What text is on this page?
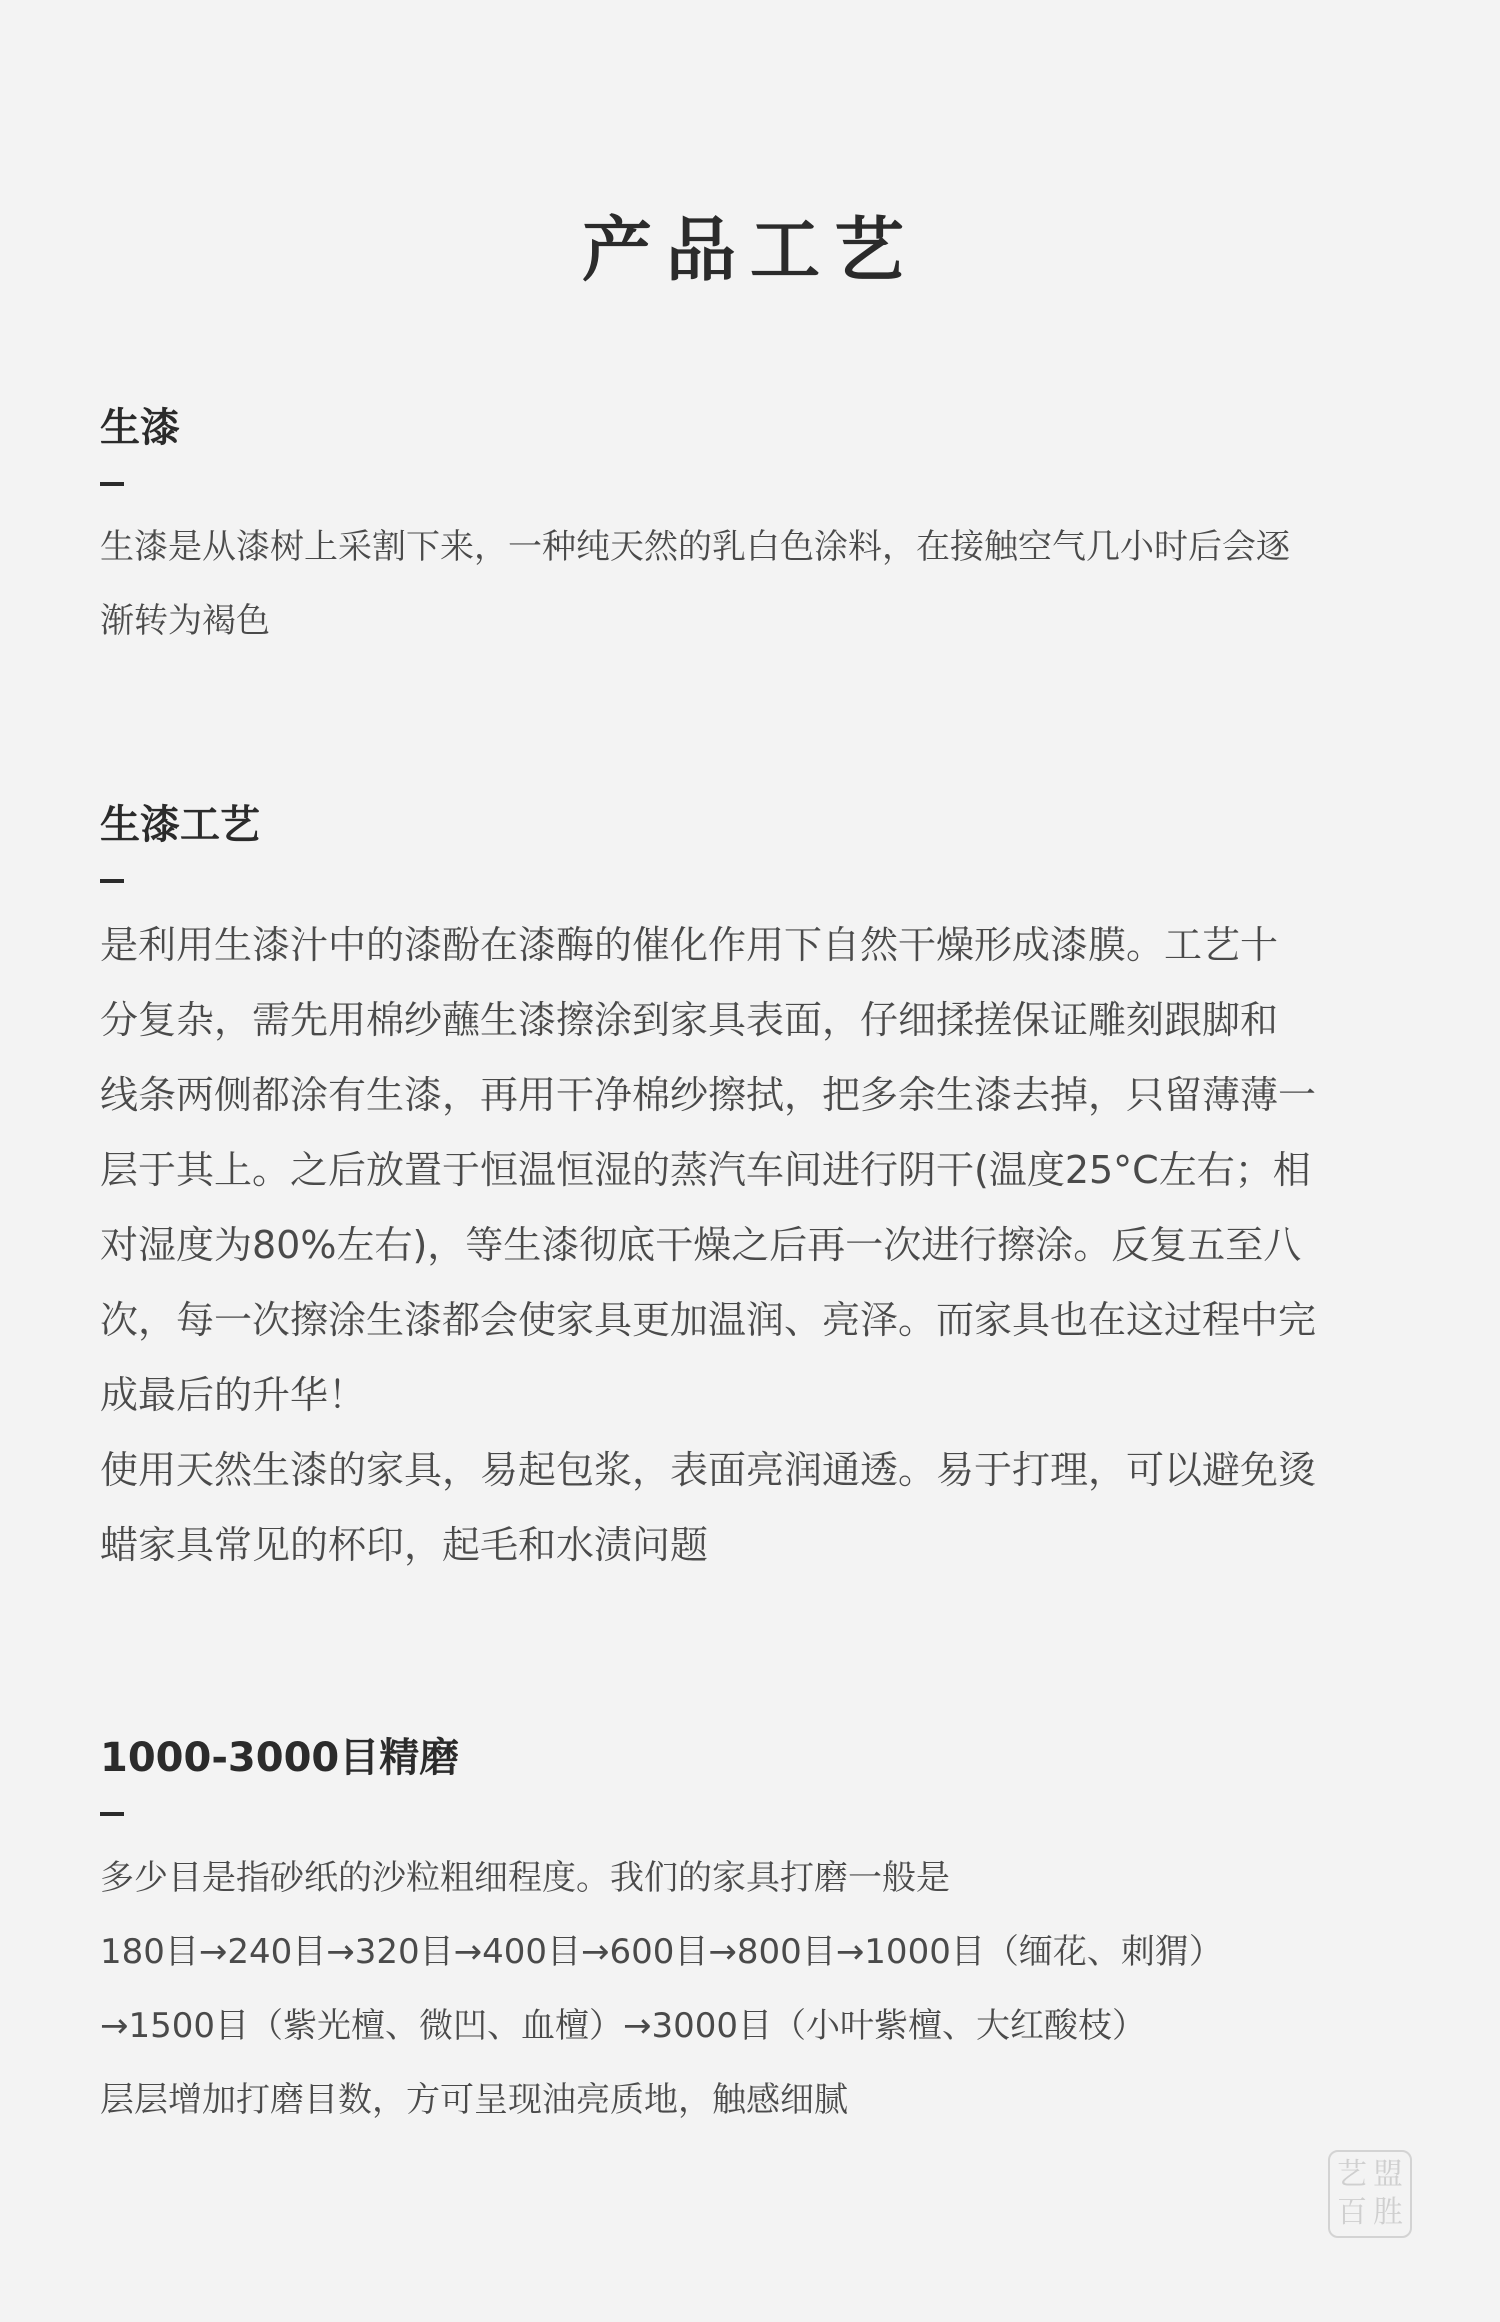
产品工艺
生漆

生漆是从漆树上采割下来，一种纯天然的乳白色涂料，在接触空气几小时后会逐
渐转为褐色

生漆工艺

是利用生漆汁中的漆酚在漆酶的催化作用下自然干燥形成漆膜。工艺十
分复杂，需先用棉纱蘸生漆擦涂到家具表面，仔细揉搓保证雕刻跟脚和
线条两侧都涂有生漆，再用干净棉纱擦拭，把多余生漆去掉，只留薄薄一
层于其上。之后放置于恒温恒湿的蒸汽车间进行阴干(温度25°C左右；相
对湿度为80%左右)，等生漆彻底干燥之后再一次进行擦涂。反复五至八
次，每一次擦涂生漆都会使家具更加温润、亮泽。而家具也在这过程中完
成最后的升华！
使用天然生漆的家具，易起包浆，表面亮润通透。易于打理，可以避免烫
蜡家具常见的杯印，起毛和水渍问题

1000-3000目精磨

多少目是指砂纸的沙粒粗细程度。我们的家具打磨一般是
180目→240目→320目→400目→600目→800目→1000目（缅花、刺猬）
→1500目（紫光檀、微凹、血檀）→3000目（小叶紫檀、大红酸枝）
层层增加打磨目数，方可呈现油亮质地，触感细腻

艺 盟
百 胜
